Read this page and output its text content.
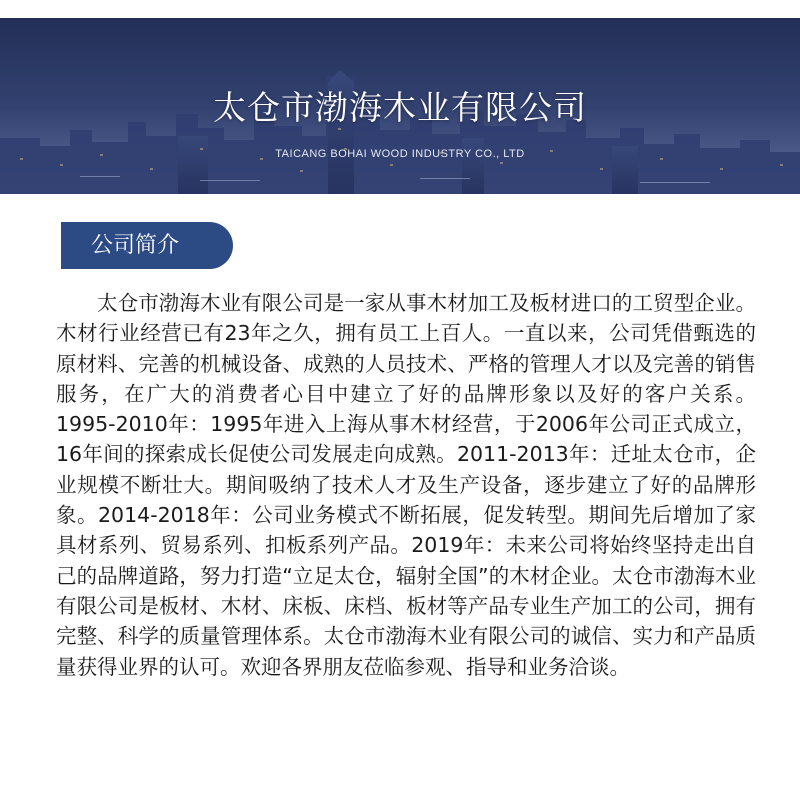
太仓市渤海木业有限公司
TAICANG BOHAI WOOD INDUSTRY CO., LTD
公司简介

太仓市渤海木业有限公司是一家从事木材加工及板材进口的工贸型企业。木材行业经营已有23年之久，拥有员工上百人。一直以来，公司凭借甄选的原材料、完善的机械设备、成熟的人员技术、严格的管理人才以及完善的销售服务，在广大的消费者心目中建立了好的品牌形象以及好的客户关系。 1995-2010年：1995年进入上海从事木材经营，于2006年公司正式成立，16年间的探索成长促使公司发展走向成熟。2011-2013年：迁址太仓市，企业规模不断壮大。期间吸纳了技术人才及生产设备，逐步建立了好的品牌形象。2014-2018年：公司业务模式不断拓展，促发转型。期间先后增加了家具材系列、贸易系列、扣板系列产品。2019年：未来公司将始终坚持走出自己的品牌道路，努力打造“立足太仓，辐射全国”的木材企业。太仓市渤海木业有限公司是板材、木材、床板、床档、板材等产品专业生产加工的公司，拥有完整、科学的质量管理体系。太仓市渤海木业有限公司的诚信、实力和产品质量获得业界的认可。欢迎各界朋友莅临参观、指导和业务洽谈。
